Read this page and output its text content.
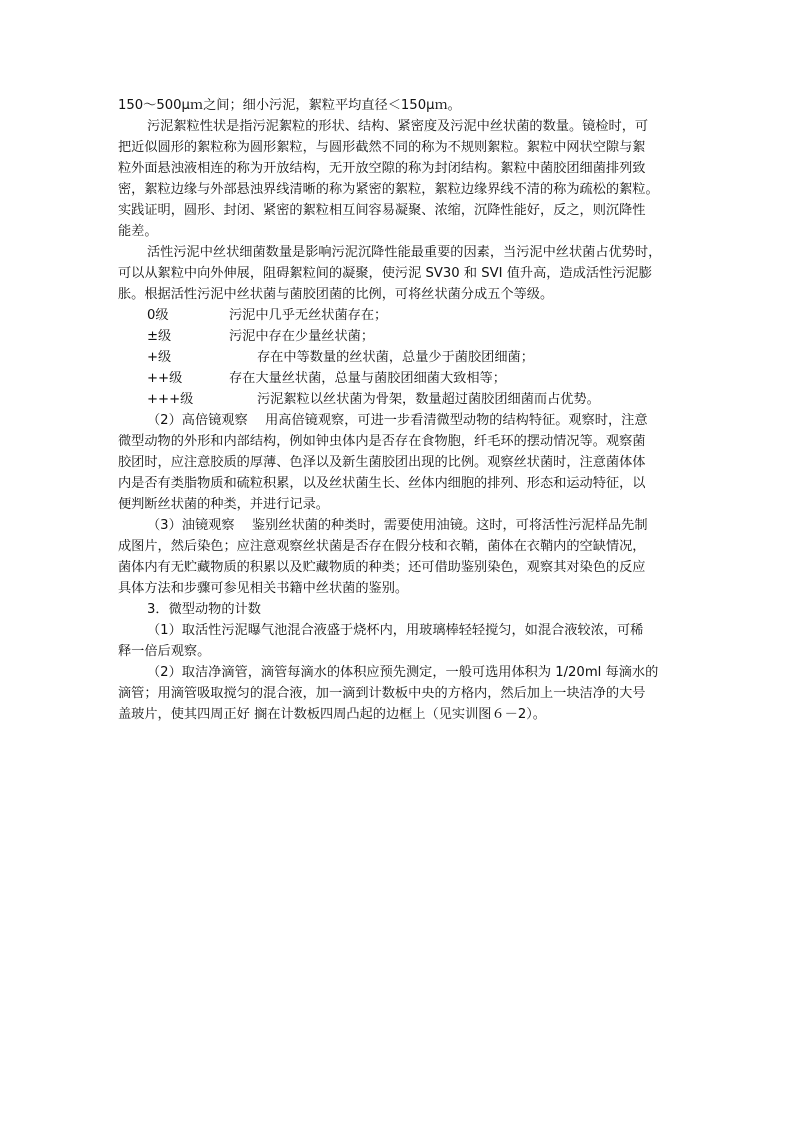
150～500μｍ之间；细小污泥，絮粒平均直径＜150μｍ。
污泥絮粒性状是指污泥絮粒的形状、结构、紧密度及污泥中丝状菌的数量。镜检时，可
把近似圆形的絮粒称为圆形絮粒，与圆形截然不同的称为不规则絮粒。絮粒中网状空隙与絮
粒外面悬浊液相连的称为开放结构，无开放空隙的称为封闭结构。絮粒中菌胶团细菌排列致
密，絮粒边缘与外部悬浊界线清晰的称为紧密的絮粒，絮粒边缘界线不清的称为疏松的絮粒。
实践证明，圆形、封闭、紧密的絮粒相互间容易凝聚、浓缩，沉降性能好，反之，则沉降性
能差。
活性污泥中丝状细菌数量是影响污泥沉降性能最重要的因素，当污泥中丝状菌占优势时，
可以从絮粒中向外伸展，阻碍絮粒间的凝聚，使污泥 SV30 和 SVI 值升高，造成活性污泥膨
胀。根据活性污泥中丝状菌与菌胶团菌的比例，可将丝状菌分成五个等级。
0级	污泥中几乎无丝状菌存在；
±级	污泥中存在少量丝状菌；
+级	存在中等数量的丝状菌，总量少于菌胶团细菌；
++级	存在大量丝状菌，总量与菌胶团细菌大致相等；
+++级	污泥絮粒以丝状菌为骨架，数量超过菌胶团细菌而占优势。
（2）高倍镜观察　 用高倍镜观察，可进一步看清微型动物的结构特征。观察时，注意
微型动物的外形和内部结构，例如钟虫体内是否存在食物胞，纤毛环的摆动情况等。观察菌
胶团时，应注意胶质的厚薄、色泽以及新生菌胶团出现的比例。观察丝状菌时，注意菌体体
内是否有类脂物质和硫粒积累，以及丝状菌生长、丝体内细胞的排列、形态和运动特征，以
便判断丝状菌的种类，并进行记录。
（3）油镜观察　 鉴别丝状菌的种类时，需要使用油镜。这时，可将活性污泥样品先制
成图片，然后染色；应注意观察丝状菌是否存在假分枝和衣鞘，菌体在衣鞘内的空缺情况，
菌体内有无贮藏物质的积累以及贮藏物质的种类；还可借助鉴别染色，观察其对染色的反应
具体方法和步骤可参见相关书籍中丝状菌的鉴别。
3．微型动物的计数
（1）取活性污泥曝气池混合液盛于烧杯内，用玻璃棒轻轻搅匀，如混合液较浓，可稀
释一倍后观察。
（2）取洁净滴管，滴管每滴水的体积应预先测定，一般可选用体积为 1/20ml 每滴水的
滴管；用滴管吸取搅匀的混合液，加一滴到计数板中央的方格内，然后加上一块洁净的大号
盖玻片，使其四周正好 搁在计数板四周凸起的边框上（见实训图６－2）。
